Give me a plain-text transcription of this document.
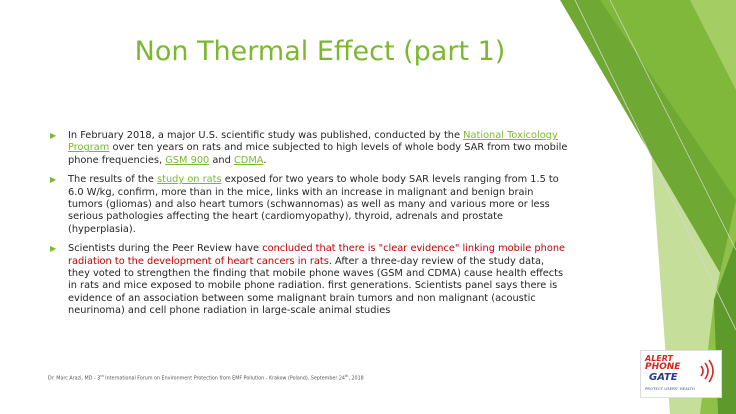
Non Thermal Effect (part 1)
▶ In February 2018, a major U.S. scientific study was published, conducted by the National Toxicology Program over ten years on rats and mice subjected to high levels of whole body SAR from two mobile phone frequencies, GSM 900 and CDMA.
▶ The results of the study on rats exposed for two years to whole body SAR levels ranging from 1.5 to 6.0 W/kg, confirm, more than in the mice, links with an increase in malignant and benign brain tumors (gliomas) and also heart tumors (schwannomas) as well as many and various more or less serious pathologies affecting the heart (cardiomyopathy), thyroid, adrenals and prostate (hyperplasia).
▶ Scientists during the Peer Review have concluded that there is "clear evidence" linking mobile phone radiation to the development of heart cancers in rats. After a three-day review of the study data, they voted to strengthen the finding that mobile phone waves (GSM and CDMA) cause health effects in rats and mice exposed to mobile phone radiation. first generations. Scientists panel says there is evidence of an association between some malignant brain tumors and non malignant (acoustic neurinoma) and cell phone radiation in large-scale animal studies
Dr. Marc Arazi, MD - 3rd International Forum on Environment Protection from EMF Pollution - Krakow (Poland), September 24th, 2018
ALERT
PHONE
GATE
PROTECT USERS' HEALTH
